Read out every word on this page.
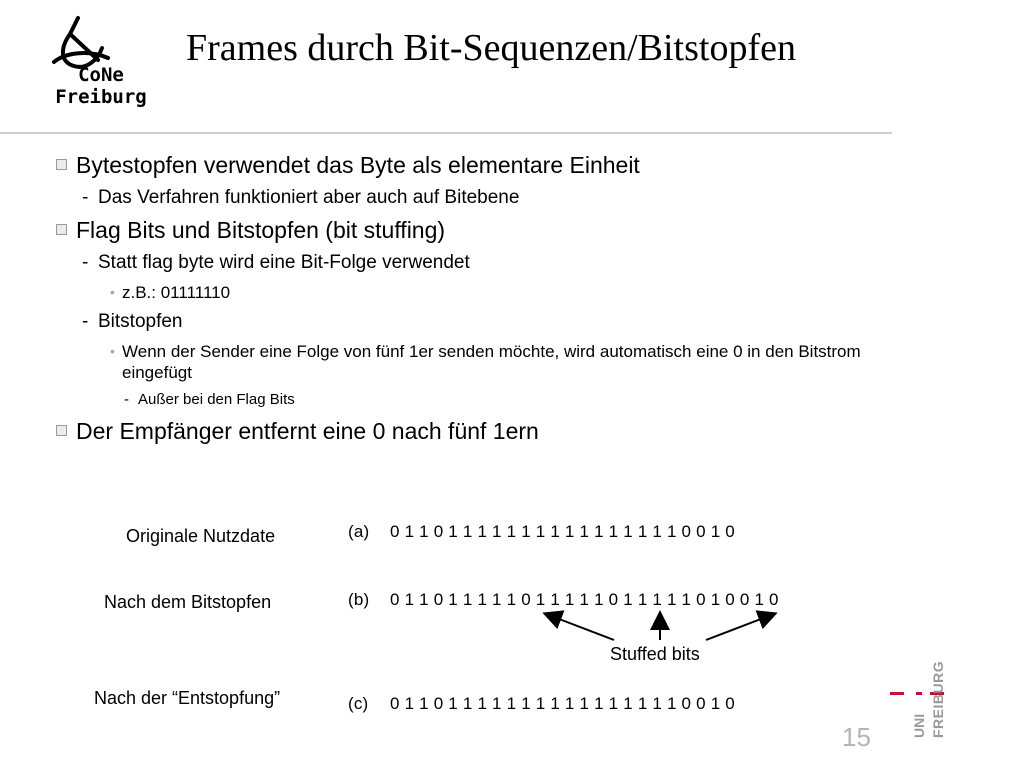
CoNe
Freiburg
Frames durch Bit-Sequenzen/Bitstopfen
Bytestopfen verwendet das Byte als elementare Einheit
- Das Verfahren funktioniert aber auch auf Bitebene
Flag Bits und Bitstopfen (bit stuffing)
- Statt flag byte wird eine Bit-Folge verwendet
• z.B.: 01111110
- Bitstopfen
• Wenn der Sender eine Folge von fünf 1er senden möchte, wird automatisch eine 0 in den Bitstrom eingefügt
- Außer bei den Flag Bits
Der Empfänger entfernt eine 0 nach fünf 1ern
Originale Nutzdate
Nach dem Bitstopfen
Nach der “Entstopfung”
(a) 0 1 1 0 1 1 1 1 1 1 1 1 1 1 1 1 1 1 1 1 0 0 1 0
(b) 0 1 1 0 1 1 1 1 1 0 1 1 1 1 1 0 1 1 1 1 1 0 1 0 0 1 0
(c) 0 1 1 0 1 1 1 1 1 1 1 1 1 1 1 1 1 1 1 1 0 0 1 0
Stuffed bits
15	UNI FREIBURG
